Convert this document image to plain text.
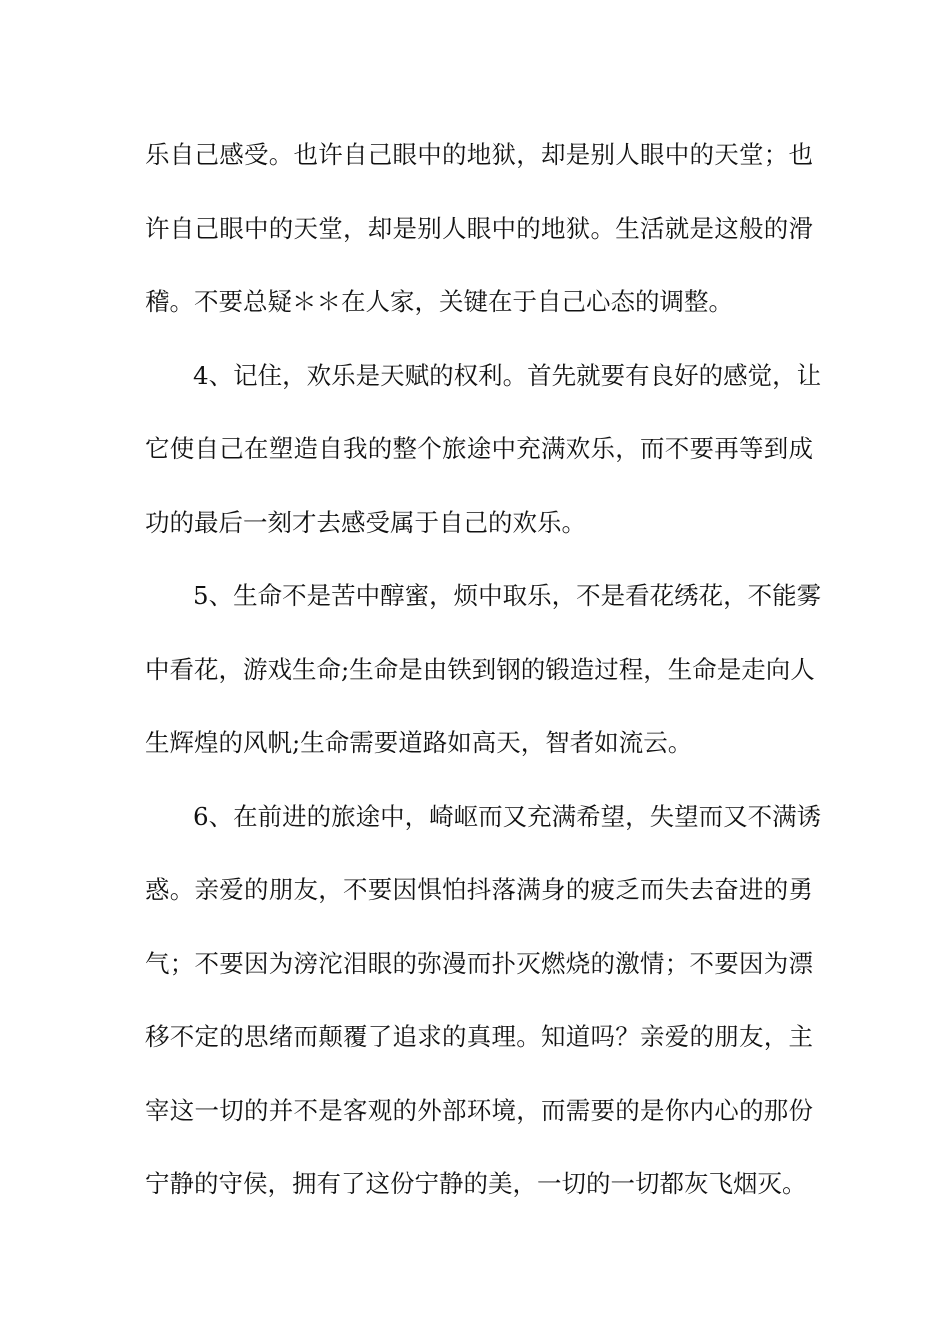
乐自己感受。也许自己眼中的地狱，却是别人眼中的天堂；也
许自己眼中的天堂，却是别人眼中的地狱。生活就是这般的滑
稽。不要总疑＊＊在人家，关键在于自己心态的调整。
4、记住，欢乐是天赋的权利。首先就要有良好的感觉，让
它使自己在塑造自我的整个旅途中充满欢乐，而不要再等到成
功的最后一刻才去感受属于自己的欢乐。
5、生命不是苦中醇蜜，烦中取乐，不是看花绣花，不能雾
中看花，游戏生命;生命是由铁到钢的锻造过程，生命是走向人
生辉煌的风帆;生命需要道路如高天，智者如流云。
6、在前进的旅途中，崎岖而又充满希望，失望而又不满诱
惑。亲爱的朋友，不要因惧怕抖落满身的疲乏而失去奋进的勇
气；不要因为滂沱泪眼的弥漫而扑灭燃烧的激情；不要因为漂
移不定的思绪而颠覆了追求的真理。知道吗？亲爱的朋友，主
宰这一切的并不是客观的外部环境，而需要的是你内心的那份
宁静的守侯，拥有了这份宁静的美，一切的一切都灰飞烟灭。
